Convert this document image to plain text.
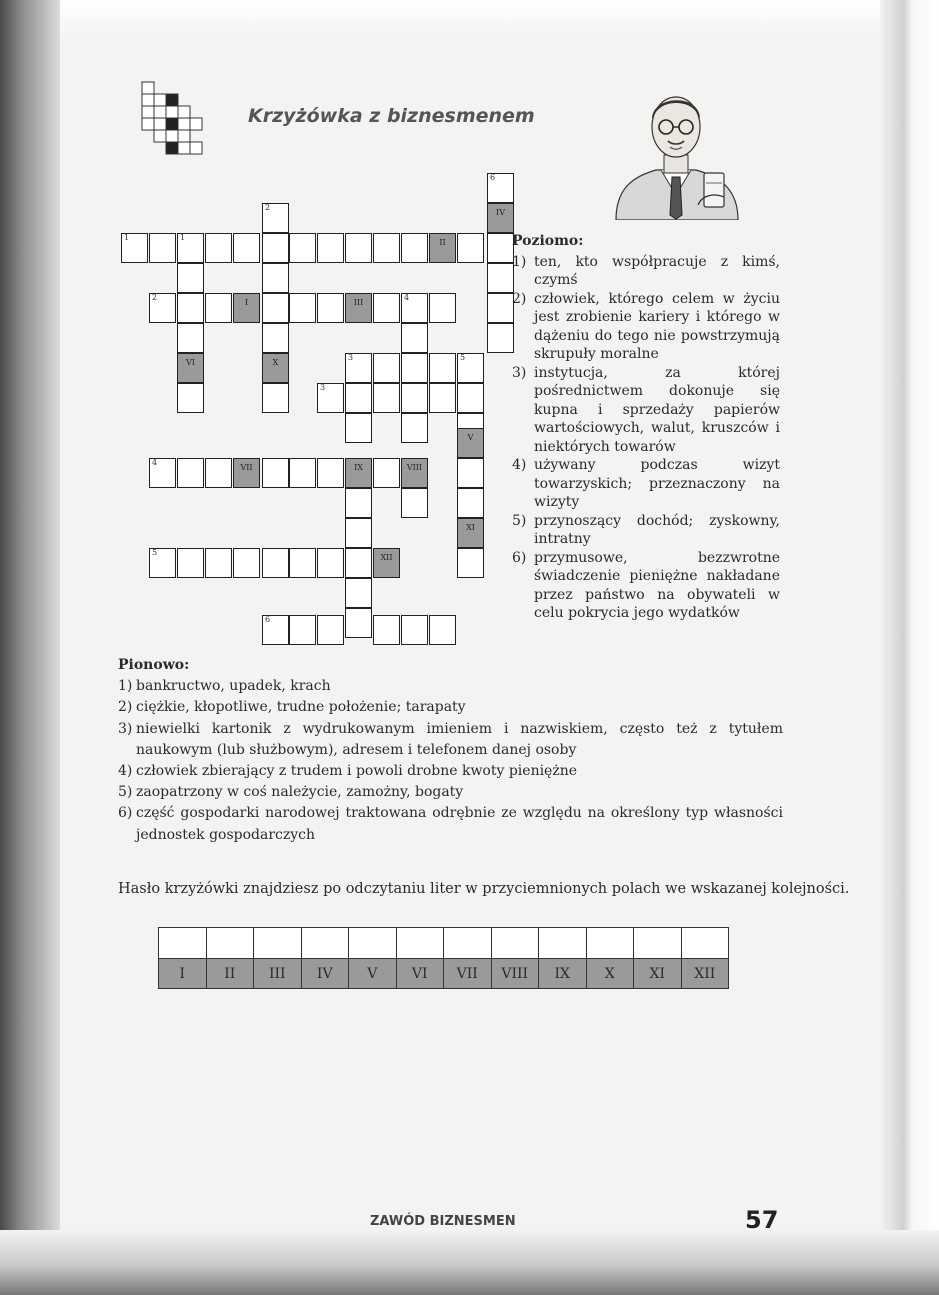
Krzyżówka z biznesmenem
6
IV
2
1	1
II
2
I	III
4
VI	X
3	5
3
V
4
VII	IX	VIII
XI
5
XII
6
Poziomo:
1) ten, kto współpracuje z kimś, czymś
2) człowiek, którego celem w życiu jest zrobienie kariery i którego w dążeniu do tego nie powstrzymują skrupuły moralne
3) instytucja, za której pośrednictwem dokonuje się kupna i sprzedaży papierów wartościowych, walut, kruszców i niektórych towarów
4) używany podczas wizyt towarzyskich; przeznaczony na wizyty
5) przynoszący dochód; zyskowny, intratny
6) przymusowe, bezzwrotne świadczenie pieniężne nakładane przez państwo na obywateli w celu pokrycia jego wydatków
Pionowo:
1) bankructwo, upadek, krach
2) ciężkie, kłopotliwe, trudne położenie; tarapaty
3) niewielki kartonik z wydrukowanym imieniem i nazwiskiem, często też z tytułem naukowym (lub służbowym), adresem i telefonem danej osoby
4) człowiek zbierający z trudem i powoli drobne kwoty pieniężne
5) zaopatrzony w coś należycie, zamożny, bogaty
6) część gospodarki narodowej traktowana odrębnie ze względu na określony typ własności jednostek gospodarczych
Hasło krzyżówki znajdziesz po odczytaniu liter w przyciemnionych polach we wskazanej kolejności.

I	II	III	IV	V	VI	VII	VIII	IX	X	XI	XII
ZAWÓD BIZNESMEN	57
